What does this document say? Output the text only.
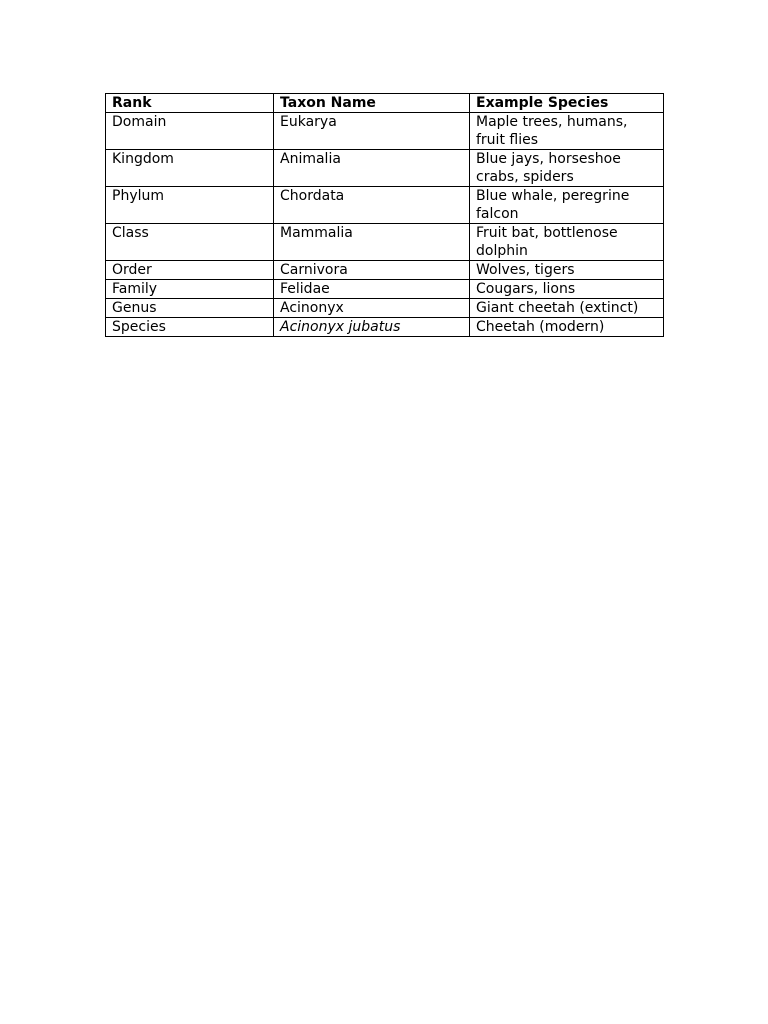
Rank	Taxon Name	Example Species
Domain	Eukarya	Maple trees, humans, fruit flies
Kingdom	Animalia	Blue jays, horseshoe crabs, spiders
Phylum	Chordata	Blue whale, peregrine falcon
Class	Mammalia	Fruit bat, bottlenose dolphin
Order	Carnivora	Wolves, tigers
Family	Felidae	Cougars, lions
Genus	Acinonyx	Giant cheetah (extinct)
Species	Acinonyx jubatus	Cheetah (modern)
